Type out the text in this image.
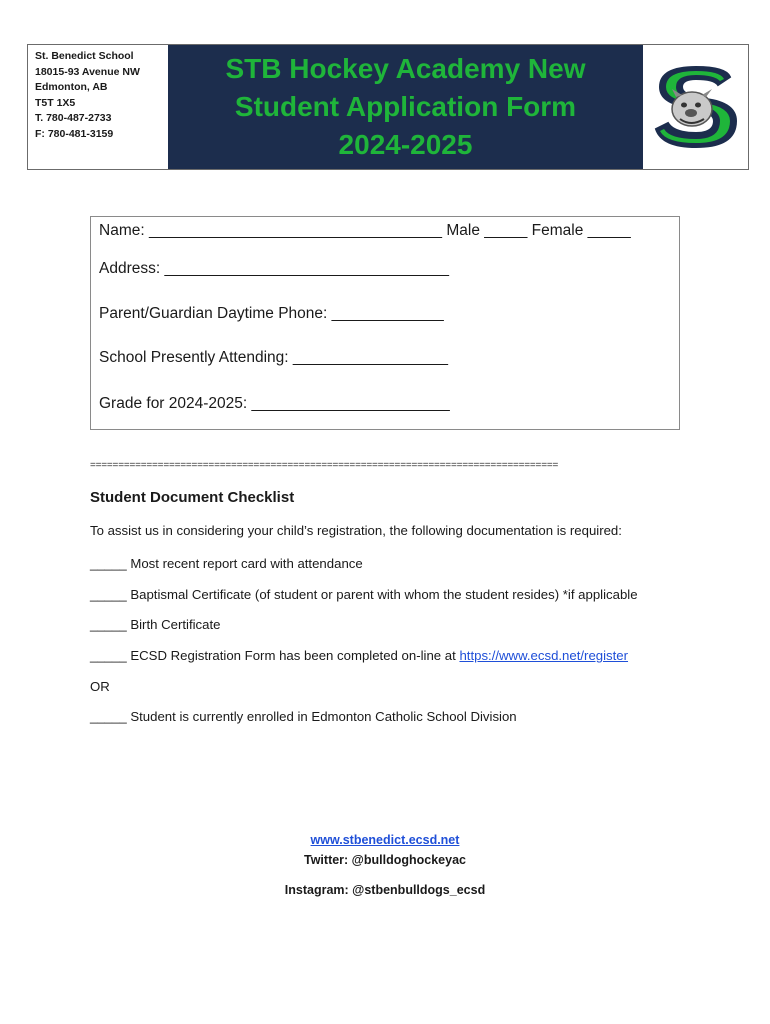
St. Benedict School
18015-93 Avenue NW
Edmonton, AB
T5T 1X5
T. 780-487-2733
F: 780-481-3159
STB Hockey Academy New
Student Application Form
2024-2025
Name: __________________________________ Male _____ Female _____
Address: _________________________________
Parent/Guardian Daytime Phone: _____________
School Presently Attending: __________________
Grade for 2024-2025: _______________________
===================================================================================
Student Document Checklist
To assist us in considering your child’s registration, the following documentation is required:
_____ Most recent report card with attendance
_____ Baptismal Certificate (of student or parent with whom the student resides) *if applicable
_____ Birth Certificate
_____ ECSD Registration Form has been completed on-line at https://www.ecsd.net/register
OR
_____ Student is currently enrolled in Edmonton Catholic School Division
www.stbenedict.ecsd.net
Twitter: @bulldoghockeyac
Instagram: @stbenbulldogs_ecsd
